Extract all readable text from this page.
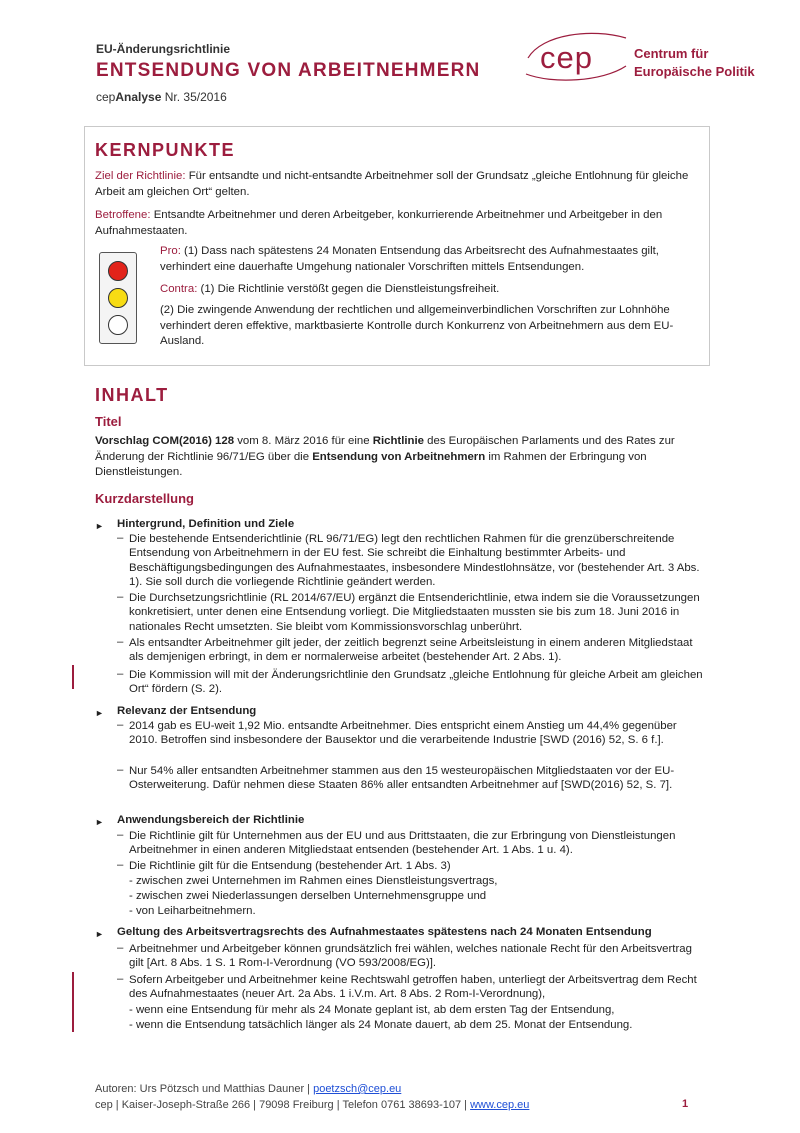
EU-Änderungsrichtlinie
ENTSENDUNG VON ARBEITNEHMERN
cepAnalyse Nr. 35/2016
cep	Centrum für
Europäische Politik
KERNPUNKTE
Ziel der Richtlinie: Für entsandte und nicht-entsandte Arbeitnehmer soll der Grundsatz „gleiche Entlohnung für gleiche Arbeit am gleichen Ort“ gelten.
Betroffene: Entsandte Arbeitnehmer und deren Arbeitgeber, konkurrierende Arbeitnehmer und Arbeitgeber in den Aufnahmestaaten.
Pro: (1) Dass nach spätestens 24 Monaten Entsendung das Arbeitsrecht des Aufnahmestaates gilt, verhindert eine dauerhafte Umgehung nationaler Vorschriften mittels Entsendungen.
Contra: (1) Die Richtlinie verstößt gegen die Dienstleistungsfreiheit.
(2) Die zwingende Anwendung der rechtlichen und allgemeinverbindlichen Vorschriften zur Lohnhöhe verhindert deren effektive, marktbasierte Kontrolle durch Konkurrenz von Arbeitnehmern aus dem EU-Ausland.
INHALT
Titel
Vorschlag COM(2016) 128 vom 8. März 2016 für eine Richtlinie des Europäischen Parlaments und des Rates zur Änderung der Richtlinie 96/71/EG über die Entsendung von Arbeitnehmern im Rahmen der Erbringung von Dienstleistungen.
Kurzdarstellung
► Hintergrund, Definition und Ziele
– Die bestehende Entsenderichtlinie (RL 96/71/EG) legt den rechtlichen Rahmen für die grenzüberschreitende Entsendung von Arbeitnehmern in der EU fest. Sie schreibt die Einhaltung bestimmter Arbeits- und Beschäftigungsbedingungen des Aufnahmestaates, insbesondere Mindestlohnsätze, vor (bestehender Art. 3 Abs. 1). Sie soll durch die vorliegende Richtlinie geändert werden.
– Die Durchsetzungsrichtlinie (RL 2014/67/EU) ergänzt die Entsenderichtlinie, etwa indem sie die Voraussetzungen konkretisiert, unter denen eine Entsendung vorliegt. Die Mitgliedstaaten mussten sie bis zum 18. Juni 2016 in nationales Recht umsetzten. Sie bleibt vom Kommissionsvorschlag unberührt.
– Als entsandter Arbeitnehmer gilt jeder, der zeitlich begrenzt seine Arbeitsleistung in einem anderen Mitgliedstaat als demjenigen erbringt, in dem er normalerweise arbeitet (bestehender Art. 2 Abs. 1).
– Die Kommission will mit der Änderungsrichtlinie den Grundsatz „gleiche Entlohnung für gleiche Arbeit am gleichen Ort“ fördern (S. 2).
► Relevanz der Entsendung
– 2014 gab es EU-weit 1,92 Mio. entsandte Arbeitnehmer. Dies entspricht einem Anstieg um 44,4% gegenüber 2010. Betroffen sind insbesondere der Bausektor und die verarbeitende Industrie [SWD (2016) 52, S. 6 f.].
– Nur 54% aller entsandten Arbeitnehmer stammen aus den 15 westeuropäischen Mitgliedstaaten vor der EU-Osterweiterung. Dafür nehmen diese Staaten 86% aller entsandten Arbeitnehmer auf [SWD(2016) 52, S. 7].
► Anwendungsbereich der Richtlinie
– Die Richtlinie gilt für Unternehmen aus der EU und aus Drittstaaten, die zur Erbringung von Dienstleistungen Arbeitnehmer in einen anderen Mitgliedstaat entsenden (bestehender Art. 1 Abs. 1 u. 4).
– Die Richtlinie gilt für die Entsendung (bestehender Art. 1 Abs. 3)
- zwischen zwei Unternehmen im Rahmen eines Dienstleistungsvertrags,
- zwischen zwei Niederlassungen derselben Unternehmensgruppe und
- von Leiharbeitnehmern.
► Geltung des Arbeitsvertragsrechts des Aufnahmestaates spätestens nach 24 Monaten Entsendung
– Arbeitnehmer und Arbeitgeber können grundsätzlich frei wählen, welches nationale Recht für den Arbeitsvertrag gilt [Art. 8 Abs. 1 S. 1 Rom-I-Verordnung (VO 593/2008/EG)].
– Sofern Arbeitgeber und Arbeitnehmer keine Rechtswahl getroffen haben, unterliegt der Arbeitsvertrag dem Recht des Aufnahmestaates (neuer Art. 2a Abs. 1 i.V.m. Art. 8 Abs. 2 Rom-I-Verordnung),
- wenn eine Entsendung für mehr als 24 Monate geplant ist, ab dem ersten Tag der Entsendung,
- wenn die Entsendung tatsächlich länger als 24 Monate dauert, ab dem 25. Monat der Entsendung.
Autoren: Urs Pötzsch und Matthias Dauner | poetzsch@cep.eu
cep | Kaiser-Joseph-Straße 266 | 79098 Freiburg | Telefon 0761 38693-107 | www.cep.eu	1
